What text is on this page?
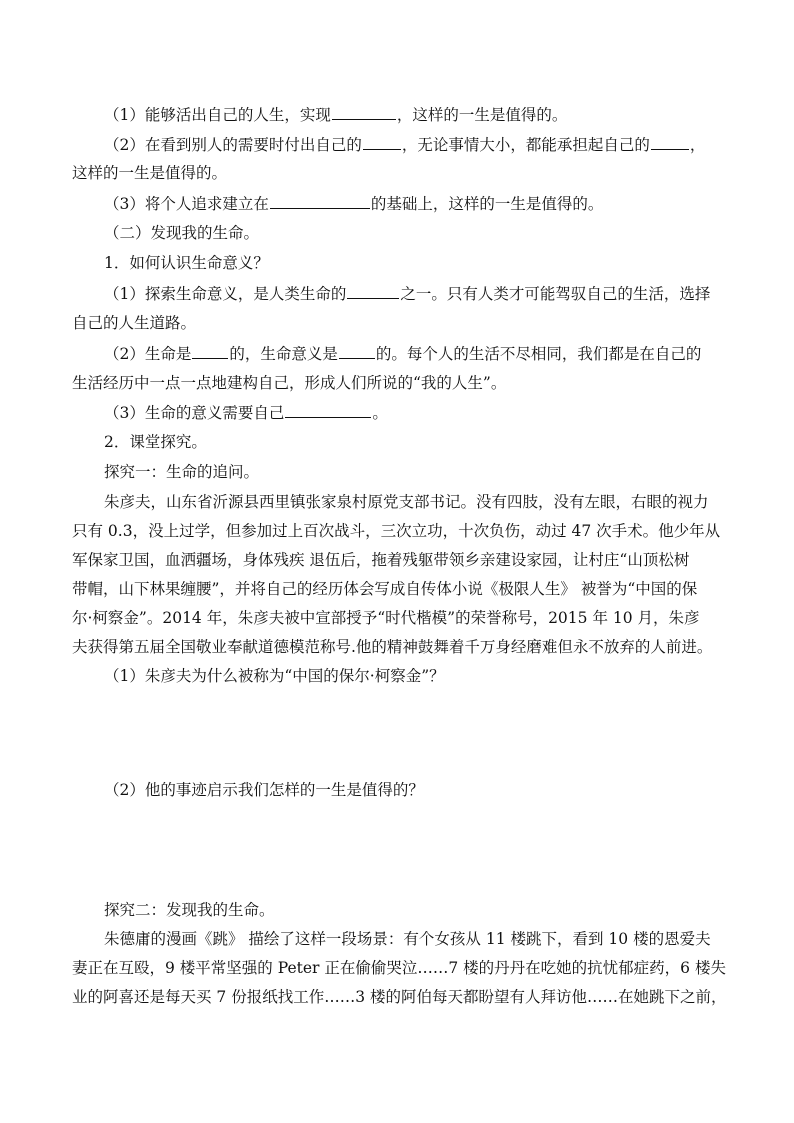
（1）能够活出自己的人生，实现	，这样的一生是值得的。
（2）在看到别人的需要时付出自己的	，无论事情大小，都能承担起自己的	，
这样的一生是值得的。
（3）将个人追求建立在	的基础上，这样的一生是值得的。
（二）发现我的生命。
1．如何认识生命意义？
（1）探索生命意义，是人类生命的	之一。只有人类才可能驾驭自己的生活，选择
自己的人生道路。
（2）生命是 的，生命意义是 的。每个人的生活不尽相同，我们都是在自己的
生活经历中一点一点地建构自己，形成人们所说的“我的人生”。
（3）生命的意义需要自己	。
2．课堂探究。
探究一：生命的追问。
朱彦夫，山东省沂源县西里镇张家泉村原党支部书记。没有四肢，没有左眼，右眼的视力
只有 0.3，没上过学，但参加过上百次战斗，三次立功，十次负伤，动过 47 次手术。他少年从
军保家卫国，血洒疆场，身体残疾 退伍后，拖着残躯带领乡亲建设家园，让村庄“山顶松树
带帽，山下林果缠腰”，并将自己的经历体会写成自传体小说《极限人生》 被誉为“中国的保
尔·柯察金”。2014 年，朱彦夫被中宣部授予“时代楷模”的荣誉称号，2015 年 10 月，朱彦
夫获得第五届全国敬业奉献道德模范称号.他的精神鼓舞着千万身经磨难但永不放弃的人前进。
（1）朱彦夫为什么被称为“中国的保尔·柯察金”？
（2）他的事迹启示我们怎样的一生是值得的？
探究二：发现我的生命。
朱德庸的漫画《跳》 描绘了这样一段场景：有个女孩从 11 楼跳下，看到 10 楼的恩爱夫
妻正在互殴，9 楼平常坚强的 Peter 正在偷偷哭泣……7 楼的丹丹在吃她的抗忧郁症药，6 楼失
业的阿喜还是每天买 7 份报纸找工作……3 楼的阿伯每天都盼望有人拜访他……在她跳下之前，
